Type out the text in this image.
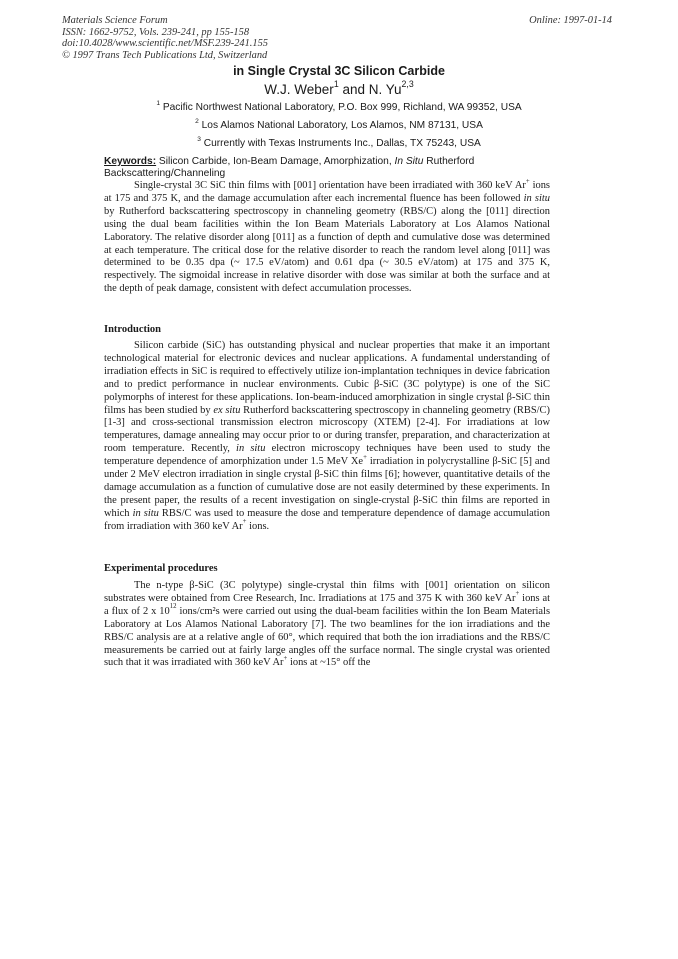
Materials Science Forum
ISSN: 1662-9752, Vols. 239-241, pp 155-158
doi:10.4028/www.scientific.net/MSF.239-241.155
© 1997 Trans Tech Publications Ltd, Switzerland
Online: 1997-01-14
in Single Crystal 3C Silicon Carbide
W.J. Weber$^1$ and N. Yu$^{2,3}$
$^1$ Pacific Northwest National Laboratory, P.O. Box 999, Richland, WA 99352, USA
$^2$ Los Alamos National Laboratory, Los Alamos, NM 87131, USA
$^3$ Currently with Texas Instruments Inc., Dallas, TX 75243, USA
Keywords: Silicon Carbide, Ion-Beam Damage, Amorphization, In Situ Rutherford Backscattering/Channeling

Single-crystal 3C SiC thin films with [001] orientation have been irradiated with 360 keV Ar+ ions at 175 and 375 K, and the damage accumulation after each incremental fluence has been followed in situ by Rutherford backscattering spectroscopy in channeling geometry (RBS/C) along the [011] direction using the dual beam facilities within the Ion Beam Materials Laboratory at Los Alamos National Laboratory. The relative disorder along [011] as a function of depth and cumulative dose was determined at each temperature. The critical dose for the relative disorder to reach the random level along [011] was determined to be 0.35 dpa (~ 17.5 eV/atom) and 0.61 dpa (~ 30.5 eV/atom) at 175 and 375 K, respectively. The sigmoidal increase in relative disorder with dose was similar at both the surface and at the depth of peak damage, consistent with defect accumulation processes.

Introduction

Silicon carbide (SiC) has outstanding physical and nuclear properties that make it an important technological material for electronic devices and nuclear applications. A fundamental understanding of irradiation effects in SiC is required to effectively utilize ion-implantation techniques in device fabrication and to predict performance in nuclear environments. Cubic β-SiC (3C polytype) is one of the SiC polymorphs of interest for these applications. Ion-beam-induced amorphization in single crystal β-SiC thin films has been studied by ex situ Rutherford backscattering spectroscopy in channeling geometry (RBS/C) [1-3] and cross-sectional transmission electron microscopy (XTEM) [2-4]. For irradiations at low temperatures, damage annealing may occur prior to or during transfer, preparation, and characterization at room temperature. Recently, in situ electron microscopy techniques have been used to study the temperature dependence of amorphization under 1.5 MeV Xe+ irradiation in polycrystalline β-SiC [5] and under 2 MeV electron irradiation in single crystal β-SiC thin films [6]; however, quantitative details of the damage accumulation as a function of cumulative dose are not easily determined by these experiments. In the present paper, the results of a recent investigation on single-crystal β-SiC thin films are reported in which in situ RBS/C was used to measure the dose and temperature dependence of damage accumulation from irradiation with 360 keV Ar+ ions.

Experimental procedures

The n-type β-SiC (3C polytype) single-crystal thin films with [001] orientation on silicon substrates were obtained from Cree Research, Inc. Irradiations at 175 and 375 K with 360 keV Ar+ ions at a flux of 2 x $10^{12}$ ions/cm²s were carried out using the dual-beam facilities within the Ion Beam Materials Laboratory at Los Alamos National Laboratory [7]. The two beamlines for the ion irradiations and the RBS/C analysis are at a relative angle of 60°, which required that both the ion irradiations and the RBS/C measurements be carried out at fairly large angles off the surface normal. The single crystal was oriented such that it was irradiated with 360 keV Ar+ ions at ~15° off the
